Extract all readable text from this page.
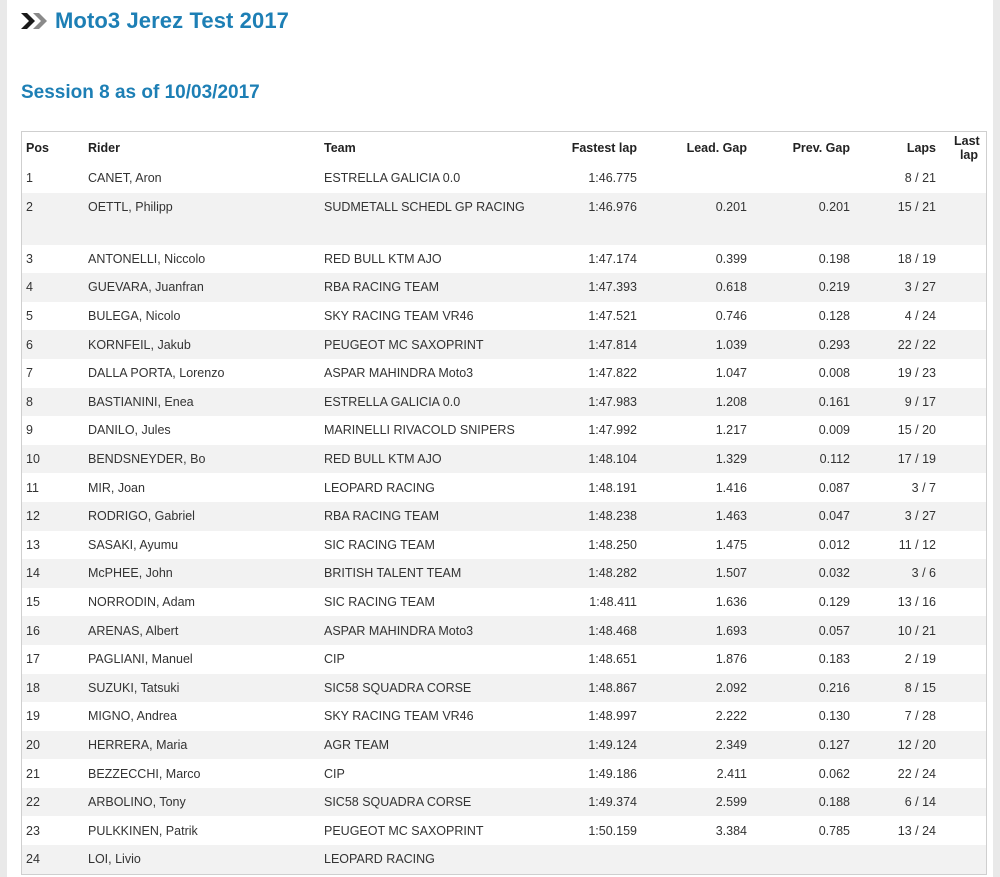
Moto3 Jerez Test 2017
Session 8 as of 10/03/2017
Pos	Rider	Team	Fastest lap	Lead. Gap	Prev. Gap	Laps	Last lap
1	CANET, Aron	ESTRELLA GALICIA 0.0	1:46.775			8 / 21	
2	OETTL, Philipp	SUDMETALL SCHEDL GP RACING	1:46.976	0.201	0.201	15 / 21	
3	ANTONELLI, Niccolo	RED BULL KTM AJO	1:47.174	0.399	0.198	18 / 19	
4	GUEVARA, Juanfran	RBA RACING TEAM	1:47.393	0.618	0.219	3 / 27	
5	BULEGA, Nicolo	SKY RACING TEAM VR46	1:47.521	0.746	0.128	4 / 24	
6	KORNFEIL, Jakub	PEUGEOT MC SAXOPRINT	1:47.814	1.039	0.293	22 / 22	
7	DALLA PORTA, Lorenzo	ASPAR MAHINDRA Moto3	1:47.822	1.047	0.008	19 / 23	
8	BASTIANINI, Enea	ESTRELLA GALICIA 0.0	1:47.983	1.208	0.161	9 / 17	
9	DANILO, Jules	MARINELLI RIVACOLD SNIPERS	1:47.992	1.217	0.009	15 / 20	
10	BENDSNEYDER, Bo	RED BULL KTM AJO	1:48.104	1.329	0.112	17 / 19	
11	MIR, Joan	LEOPARD RACING	1:48.191	1.416	0.087	3 / 7	
12	RODRIGO, Gabriel	RBA RACING TEAM	1:48.238	1.463	0.047	3 / 27	
13	SASAKI, Ayumu	SIC RACING TEAM	1:48.250	1.475	0.012	11 / 12	
14	McPHEE, John	BRITISH TALENT TEAM	1:48.282	1.507	0.032	3 / 6	
15	NORRODIN, Adam	SIC RACING TEAM	1:48.411	1.636	0.129	13 / 16	
16	ARENAS, Albert	ASPAR MAHINDRA Moto3	1:48.468	1.693	0.057	10 / 21	
17	PAGLIANI, Manuel	CIP	1:48.651	1.876	0.183	2 / 19	
18	SUZUKI, Tatsuki	SIC58 SQUADRA CORSE	1:48.867	2.092	0.216	8 / 15	
19	MIGNO, Andrea	SKY RACING TEAM VR46	1:48.997	2.222	0.130	7 / 28	
20	HERRERA, Maria	AGR TEAM	1:49.124	2.349	0.127	12 / 20	
21	BEZZECCHI, Marco	CIP	1:49.186	2.411	0.062	22 / 24	
22	ARBOLINO, Tony	SIC58 SQUADRA CORSE	1:49.374	2.599	0.188	6 / 14	
23	PULKKINEN, Patrik	PEUGEOT MC SAXOPRINT	1:50.159	3.384	0.785	13 / 24	
24	LOI, Livio	LEOPARD RACING					
